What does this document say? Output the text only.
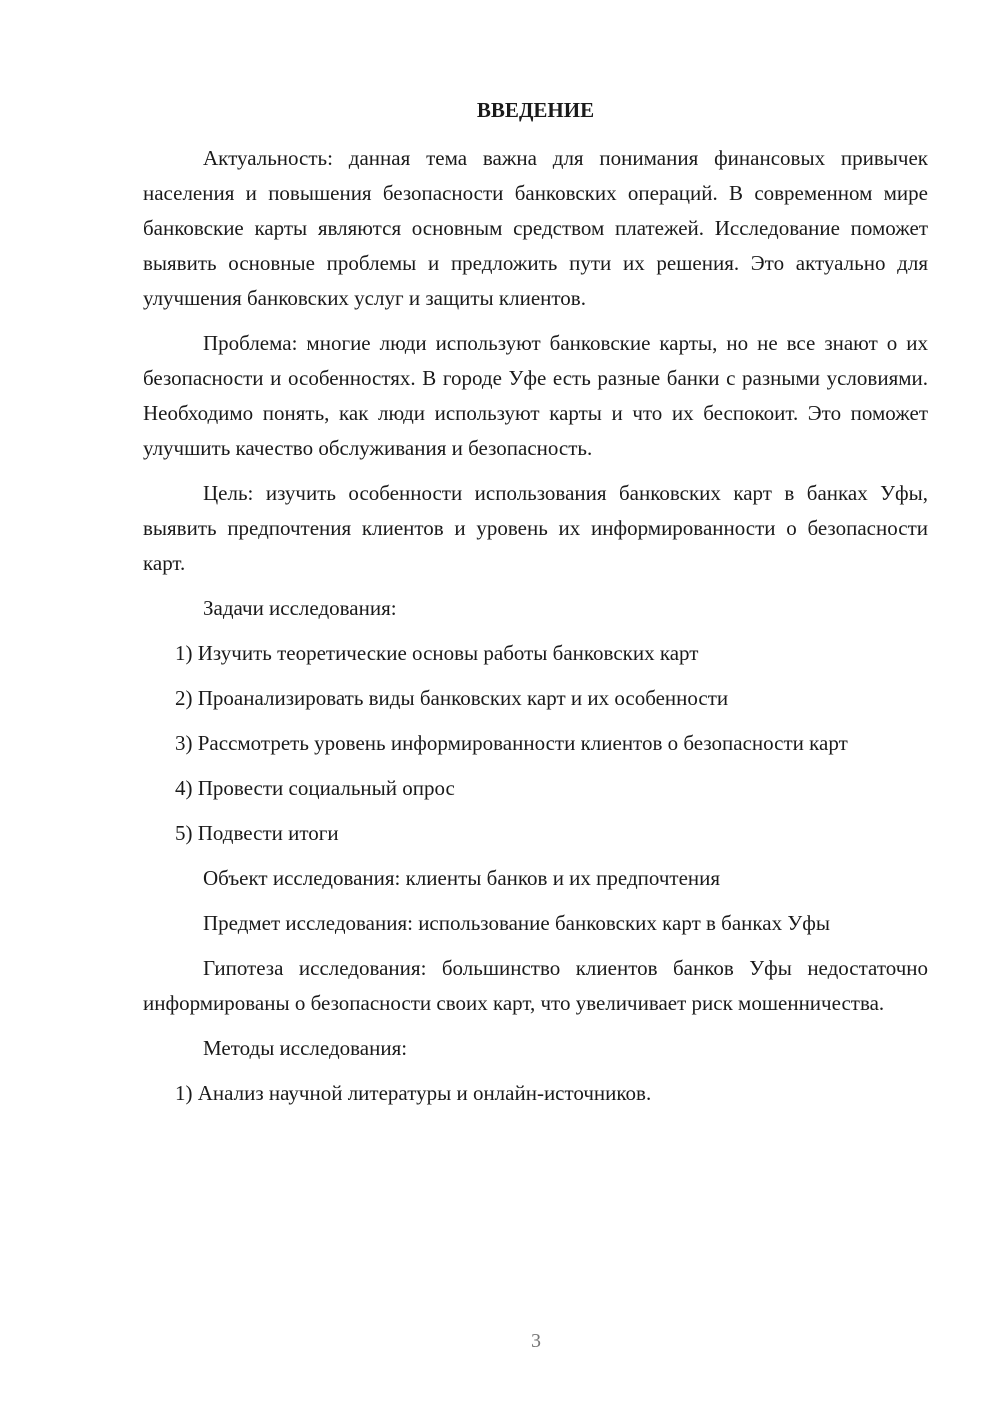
ВВЕДЕНИЕ

Актуальность: данная тема важна для понимания финансовых привычек населения и повышения безопасности банковских операций. В современном мире банковские карты являются основным средством платежей. Исследование поможет выявить основные проблемы и предложить пути их решения. Это актуально для улучшения банковских услуг и защиты клиентов.

Проблема: многие люди используют банковские карты, но не все знают о их безопасности и особенностях. В городе Уфе есть разные банки с разными условиями. Необходимо понять, как люди используют карты и что их беспокоит. Это поможет улучшить качество обслуживания и безопасность.

Цель: изучить особенности использования банковских карт в банках Уфы, выявить предпочтения клиентов и уровень их информированности о безопасности карт.

Задачи исследования:

1) Изучить теоретические основы работы банковских карт

2) Проанализировать виды банковских карт и их особенности

3) Рассмотреть уровень информированности клиентов о безопасности карт

4) Провести социальный опрос

5) Подвести итоги

Объект исследования: клиенты банков и их предпочтения

Предмет исследования: использование банковских карт в банках Уфы

Гипотеза исследования: большинство клиентов банков Уфы недостаточно информированы о безопасности своих карт, что увеличивает риск мошенничества.

Методы исследования:

1) Анализ научной литературы и онлайн-источников.

3
